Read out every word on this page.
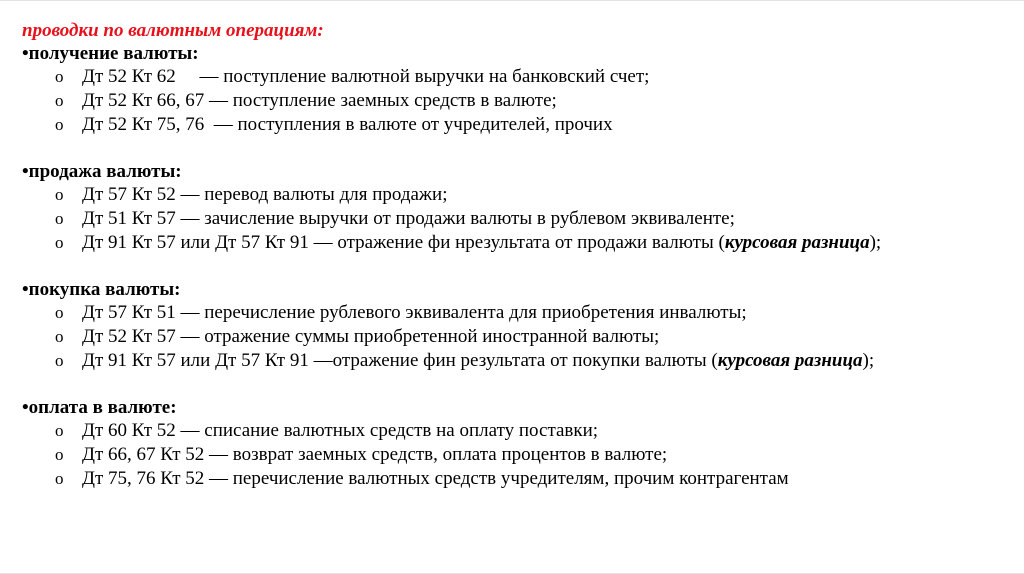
проводки по валютным операциям:

•получение валюты:

o Дт 52 Кт 62     — поступление валютной выручки на банковский счет;
o Дт 52 Кт 66, 67 — поступление заемных средств в валюте;
o Дт 52 Кт 75, 76  — поступления в валюте от учредителей, прочих

•продажа валюты:

o Дт 57 Кт 52 — перевод валюты для продажи;
o Дт 51 Кт 57 — зачисление выручки от продажи валюты в рублевом эквиваленте;
o Дт 91 Кт 57 или Дт 57 Кт 91 — отражение фи нрезультата от продажи валюты (курсовая разница);

•покупка валюты:

o Дт 57 Кт 51 — перечисление рублевого эквивалента для приобретения инвалюты;
o Дт 52 Кт 57 — отражение суммы приобретенной иностранной валюты;
o Дт 91 Кт 57 или Дт 57 Кт 91 —отражение фин результата от покупки валюты (курсовая разница);

•оплата в валюте:

o Дт 60 Кт 52 — списание валютных средств на оплату поставки;
o Дт 66, 67 Кт 52 — возврат заемных средств, оплата процентов в валюте;
o Дт 75, 76 Кт 52 — перечисление валютных средств учредителям, прочим контрагентам
